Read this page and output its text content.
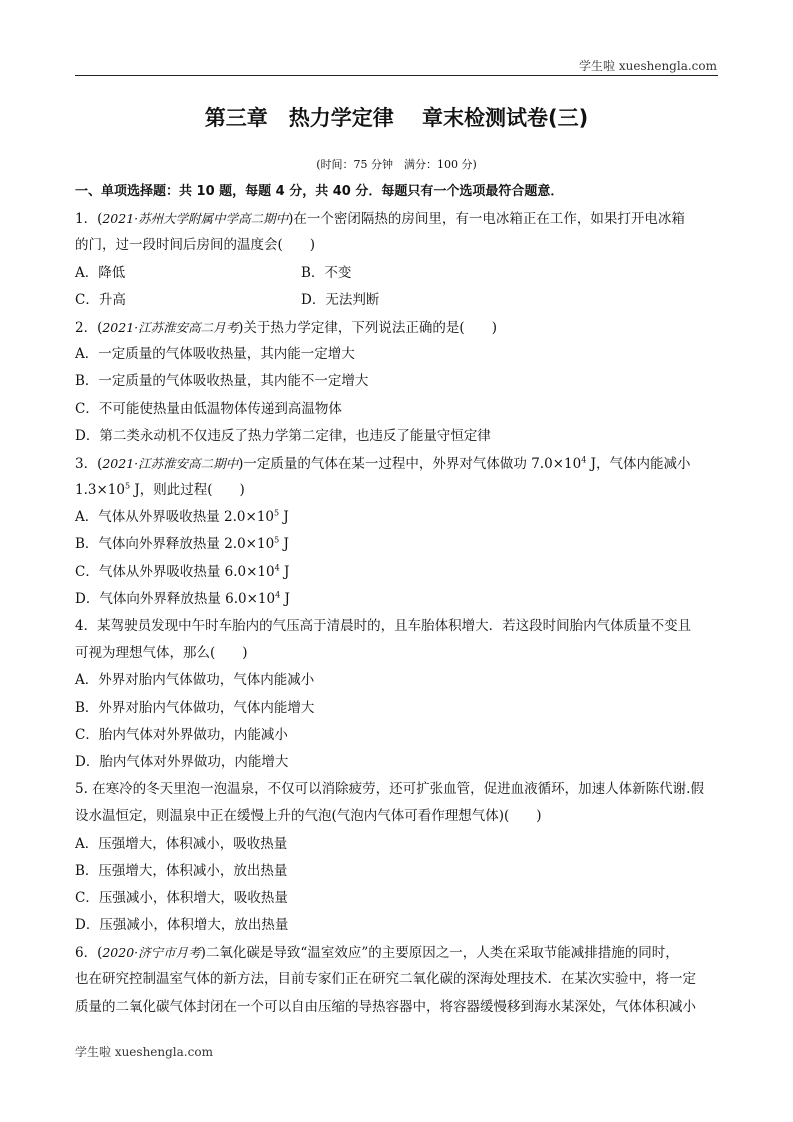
学生啦 xueshengla.com
第三章　热力学定律　 章末检测试卷(三)
(时间：75 分钟　满分：100 分)
一、单项选择题：共 10 题，每题 4 分，共 40 分．每题只有一个选项最符合题意．
1．(2021·苏州大学附属中学高二期中)在一个密闭隔热的房间里，有一电冰箱正在工作，如果打开电冰箱
的门，过一段时间后房间的温度会(　　)
A．降低	B．不变
C．升高	D．无法判断
2．(2021·江苏淮安高二月考)关于热力学定律，下列说法正确的是(　　)
A．一定质量的气体吸收热量，其内能一定增大
B．一定质量的气体吸收热量，其内能不一定增大
C．不可能使热量由低温物体传递到高温物体
D．第二类永动机不仅违反了热力学第二定律，也违反了能量守恒定律
3．(2021·江苏淮安高二期中)一定质量的气体在某一过程中，外界对气体做功 $7.0\times 10^4$ J，气体内能减小
$1.3\times 10^5$ J，则此过程(　　)
A．气体从外界吸收热量 $2.0\times 10^5$ J
B．气体向外界释放热量 $2.0\times 10^5$ J
C．气体从外界吸收热量 $6.0\times 10^4$ J
D．气体向外界释放热量 $6.0\times 10^4$ J
4．某驾驶员发现中午时车胎内的气压高于清晨时的，且车胎体积增大．若这段时间胎内气体质量不变且
可视为理想气体，那么(　　)
A．外界对胎内气体做功，气体内能减小
B．外界对胎内气体做功，气体内能增大
C．胎内气体对外界做功，内能减小
D．胎内气体对外界做功，内能增大
5. 在寒冷的冬天里泡一泡温泉，不仅可以消除疲劳，还可扩张血管，促进血液循环，加速人体新陈代谢.假
设水温恒定，则温泉中正在缓慢上升的气泡(气泡内气体可看作理想气体)(　　)
A．压强增大，体积减小，吸收热量
B．压强增大，体积减小，放出热量
C．压强减小，体积增大，吸收热量
D．压强减小，体积增大，放出热量
6．(2020·济宁市月考)二氧化碳是导致“温室效应”的主要原因之一，人类在采取节能减排措施的同时，
也在研究控制温室气体的新方法，目前专家们正在研究二氧化碳的深海处理技术．在某次实验中，将一定
质量的二氧化碳气体封闭在一个可以自由压缩的导热容器中，将容器缓慢移到海水某深处，气体体积减小
学生啦 xueshengla.com
